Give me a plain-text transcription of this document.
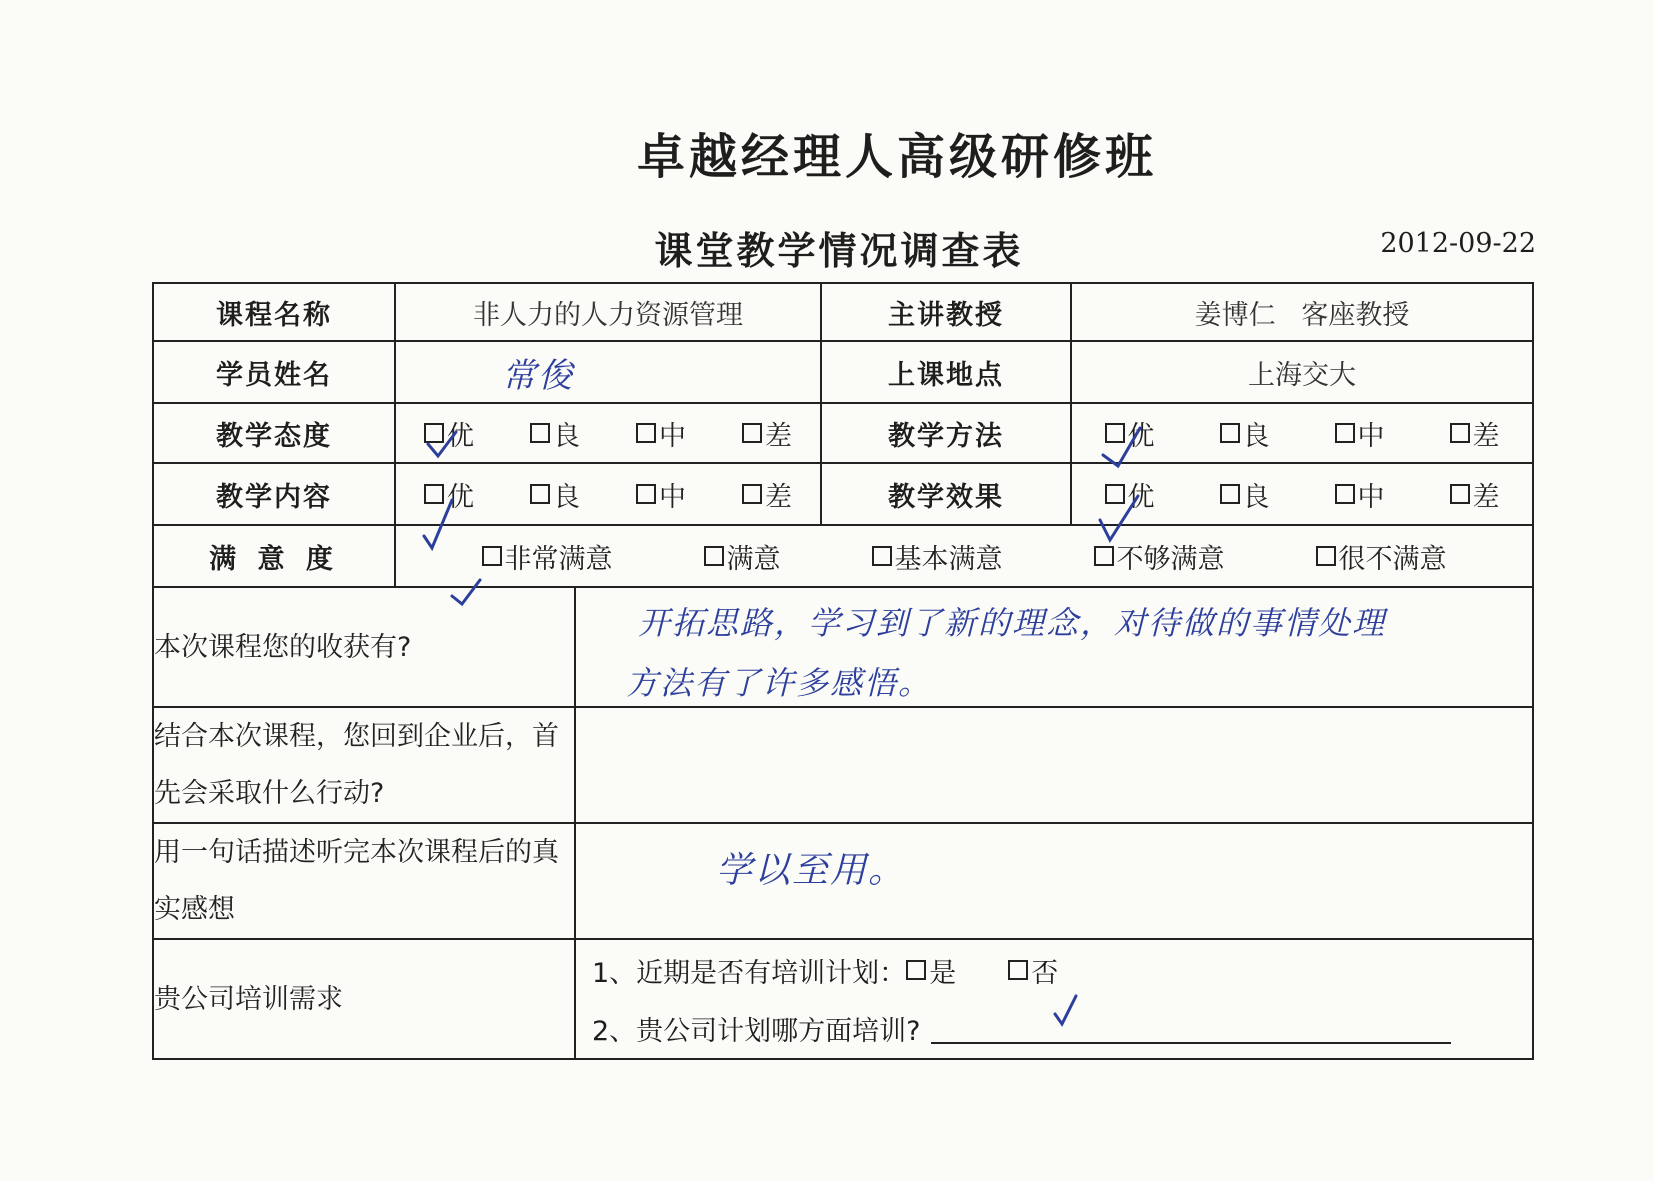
卓越经理人高级研修班
课堂教学情况调查表	2012-09-22
课程名称	非人力的人力资源管理		主讲教授	姜博仁   客座教授
学员姓名	常俊		上课地点	上海交大
教学态度	优 良 中 差		教学方法	优 良 中 差

教学内容	优 良 中 差		教学效果	优 良 中 差

满 意 度	非常满意 满意 基本满意 不够满意 很不满意			

本次课程您的收获有?		开拓思路，学习到了新的理念，对待做的事情处理
方法有了许多感悟。		

结合本次课程，您回到企业后，首先会采取什么行动?				
用一句话描述听完本次课程后的真实感想		学以至用。		

贵公司培训需求		1、近期是否有培训计划： 是 否
2、贵公司计划哪方面培训?		
